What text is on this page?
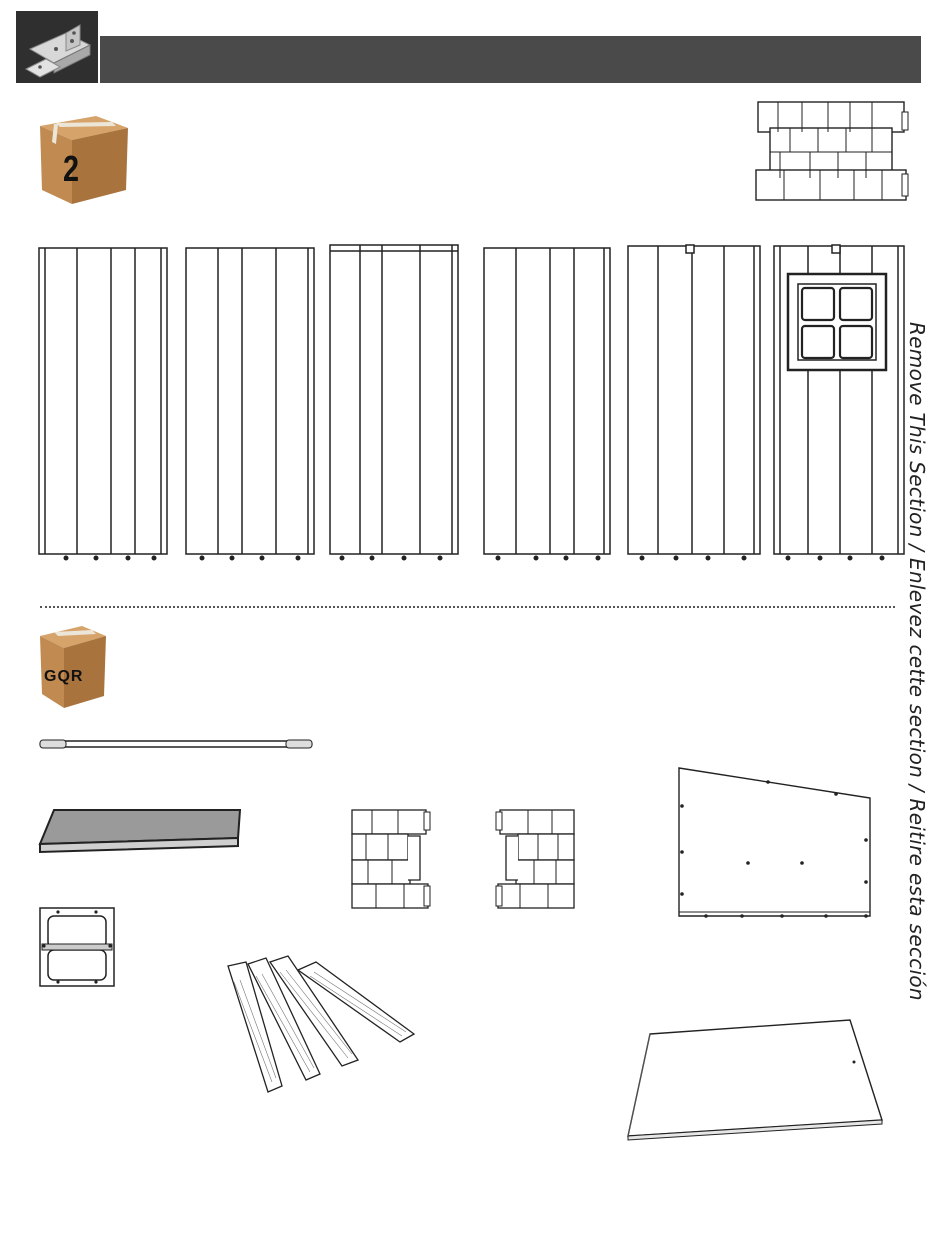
2
GQR	Remove This Section / Enlevez cette section / Reitire esta sección
